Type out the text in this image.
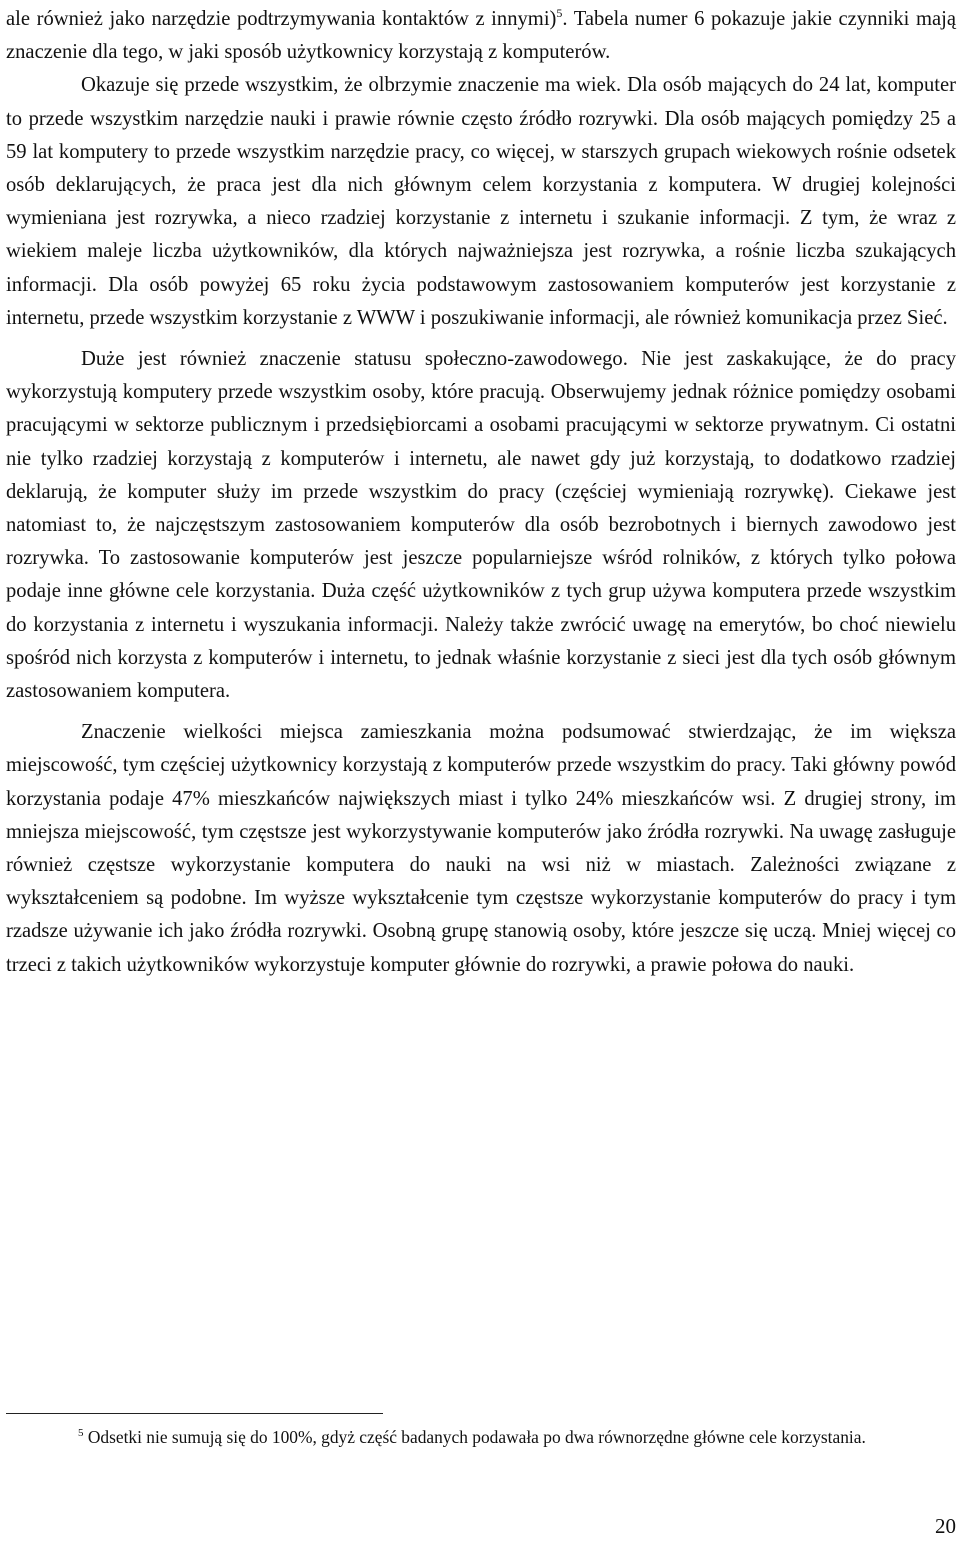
ale również jako narzędzie podtrzymywania kontaktów z innymi)$^5$. Tabela numer 6 pokazuje jakie czynniki mają znaczenie dla tego, w jaki sposób użytkownicy korzystają z komputerów.

Okazuje się przede wszystkim, że olbrzymie znaczenie ma wiek. Dla osób mających do 24 lat, komputer to przede wszystkim narzędzie nauki i prawie równie często źródło rozrywki. Dla osób mających pomiędzy 25 a 59 lat komputery to przede wszystkim narzędzie pracy, co więcej, w starszych grupach wiekowych rośnie odsetek osób deklarujących, że praca jest dla nich głównym celem korzystania z komputera. W drugiej kolejności wymieniana jest rozrywka, a nieco rzadziej korzystanie z internetu i szukanie informacji. Z tym, że wraz z wiekiem maleje liczba użytkowników, dla których najważniejsza jest rozrywka, a rośnie liczba szukających informacji. Dla osób powyżej 65 roku życia podstawowym zastosowaniem komputerów jest korzystanie z internetu, przede wszystkim korzystanie z WWW i poszukiwanie informacji, ale również komunikacja przez Sieć.

Duże jest również znaczenie statusu społeczno-zawodowego. Nie jest zaskakujące, że do pracy wykorzystują komputery przede wszystkim osoby, które pracują. Obserwujemy jednak różnice pomiędzy osobami pracującymi w sektorze publicznym i przedsiębiorcami a osobami pracującymi w sektorze prywatnym. Ci ostatni nie tylko rzadziej korzystają z komputerów i internetu, ale nawet gdy już korzystają, to dodatkowo rzadziej deklarują, że komputer służy im przede wszystkim do pracy (częściej wymieniają rozrywkę). Ciekawe jest natomiast to, że najczęstszym zastosowaniem komputerów dla osób bezrobotnych i biernych zawodowo jest rozrywka. To zastosowanie komputerów jest jeszcze popularniejsze wśród rolników, z których tylko połowa podaje inne główne cele korzystania. Duża część użytkowników z tych grup używa komputera przede wszystkim do korzystania z internetu i wyszukania informacji. Należy także zwrócić uwagę na emerytów, bo choć niewielu spośród nich korzysta z komputerów i internetu, to jednak właśnie korzystanie z sieci jest dla tych osób głównym zastosowaniem komputera.

Znaczenie wielkości miejsca zamieszkania można podsumować stwierdzając, że im większa miejscowość, tym częściej użytkownicy korzystają z komputerów przede wszystkim do pracy. Taki główny powód korzystania podaje 47% mieszkańców największych miast i tylko 24% mieszkańców wsi. Z drugiej strony, im mniejsza miejscowość, tym częstsze jest wykorzystywanie komputerów jako źródła rozrywki. Na uwagę zasługuje również częstsze wykorzystanie komputera do nauki na wsi niż w miastach. Zależności związane z wykształceniem są podobne. Im wyższe wykształcenie tym częstsze wykorzystanie komputerów do pracy i tym rzadsze używanie ich jako źródła rozrywki. Osobną grupę stanowią osoby, które jeszcze się uczą. Mniej więcej co trzeci z takich użytkowników wykorzystuje komputer głównie do rozrywki, a prawie połowa do nauki.

$^5$ Odsetki nie sumują się do 100%, gdyż część badanych podawała po dwa równorzędne główne cele korzystania.

20
